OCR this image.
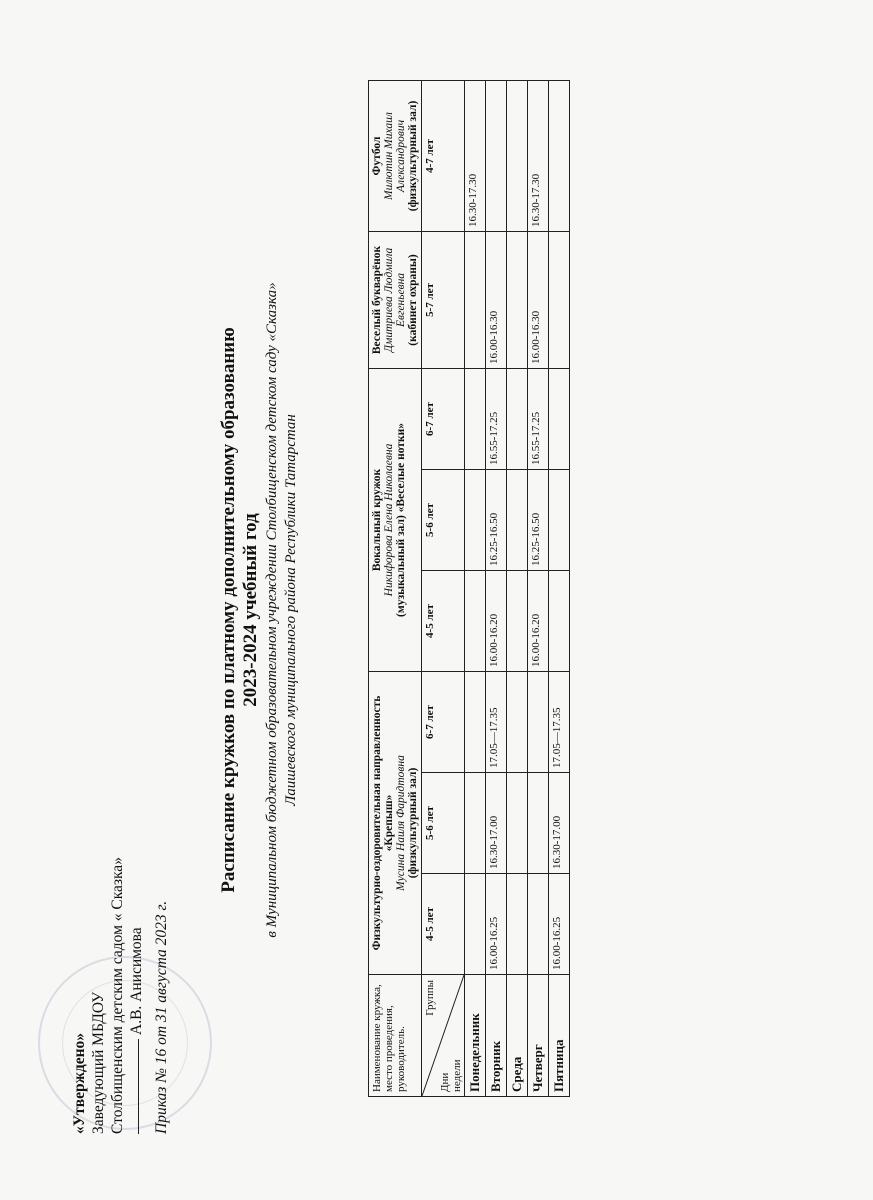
«Утверждено» Заведующий МБДОУ Столбищенским детским садом « Сказка» А.В. Анисимова Приказ № 16 от 31 августа 2023 г.
Расписание кружков по платному дополнительному образованию 2023-2024 учебный год в Муниципальном бюджетном образовательном учреждении Столбищенском детском саду «Сказка» Лаишевского муниципального района Республики Татарстан
Наименование кружка, место проведения, руководитель.	Физкультурно-оздоровительная направленность «Крепыш» Мусина Наиля Фаридтовна (физкультурный зал)			Вокальный кружок Никифорова Елена Николаевна (музыкальный зал) «Веселые нотки»			Веселый букварёнок Дмитриева Людмила Евгеньевна (кабинет охраны)	Футбол Милютин Михаил Александрович (физкультурный зал)

Группы
Дни
недели	4-5 лет	5-6 лет	6-7 лет	4-5 лет	5-6 лет	6-7 лет	5-7 лет	4-7 лет
Понедельник								16.30-17.30
Вторник	16.00-16.25	16.30-17.00	17.05—17.35	16.00-16.20	16.25-16.50	16.55-17.25	16.00-16.30	
Среда								
Четверг				16.00-16.20	16.25-16.50	16.55-17.25	16.00-16.30	16.30-17.30
Пятница	16.00-16.25	16.30-17.00	17.05—17.35					
